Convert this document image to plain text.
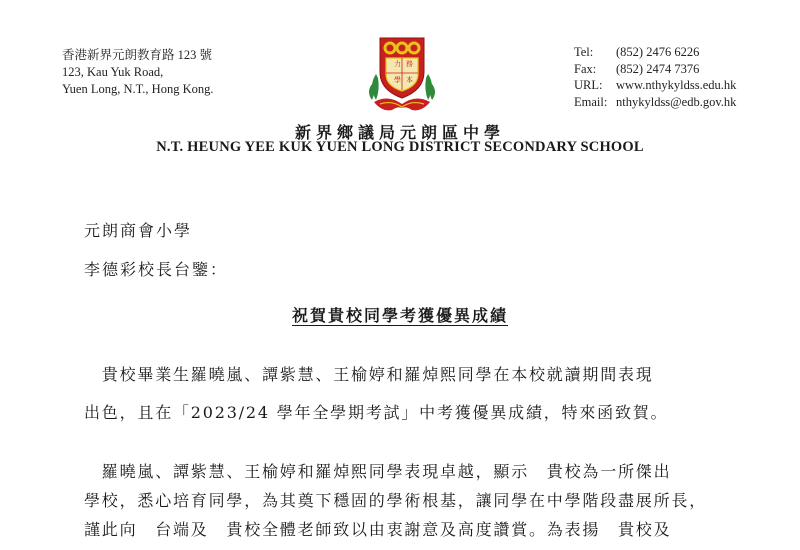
香港新界元朗教育路 123 號
123, Kau Yuk Road,
Yuen Long, N.T., Hong Kong.
力 務
學 本
Tel:	(852) 2476 6226
Fax:	(852) 2474 7376
URL:	www.nthykyldss.edu.hk
Email: nthykyldss@edb.gov.hk
新界鄉議局元朗區中學
N.T. HEUNG YEE KUK YUEN LONG DISTRICT SECONDARY SCHOOL
元朗商會小學
李德彩校長台鑒：
祝賀貴校同學考獲優異成績
　貴校畢業生羅曉嵐、譚紫慧、王榆婷和羅焯熙同學在本校就讀期間表現
出色，且在「2023/24 學年全學期考試」中考獲優異成績，特來函致賀。
　羅曉嵐、譚紫慧、王榆婷和羅焯熙同學表現卓越，顯示　貴校為一所傑出
學校，悉心培育同學，為其奠下穩固的學術根基，讓同學在中學階段盡展所長，
謹此向　台端及　貴校全體老師致以由衷謝意及高度讚賞。為表揚　貴校及
